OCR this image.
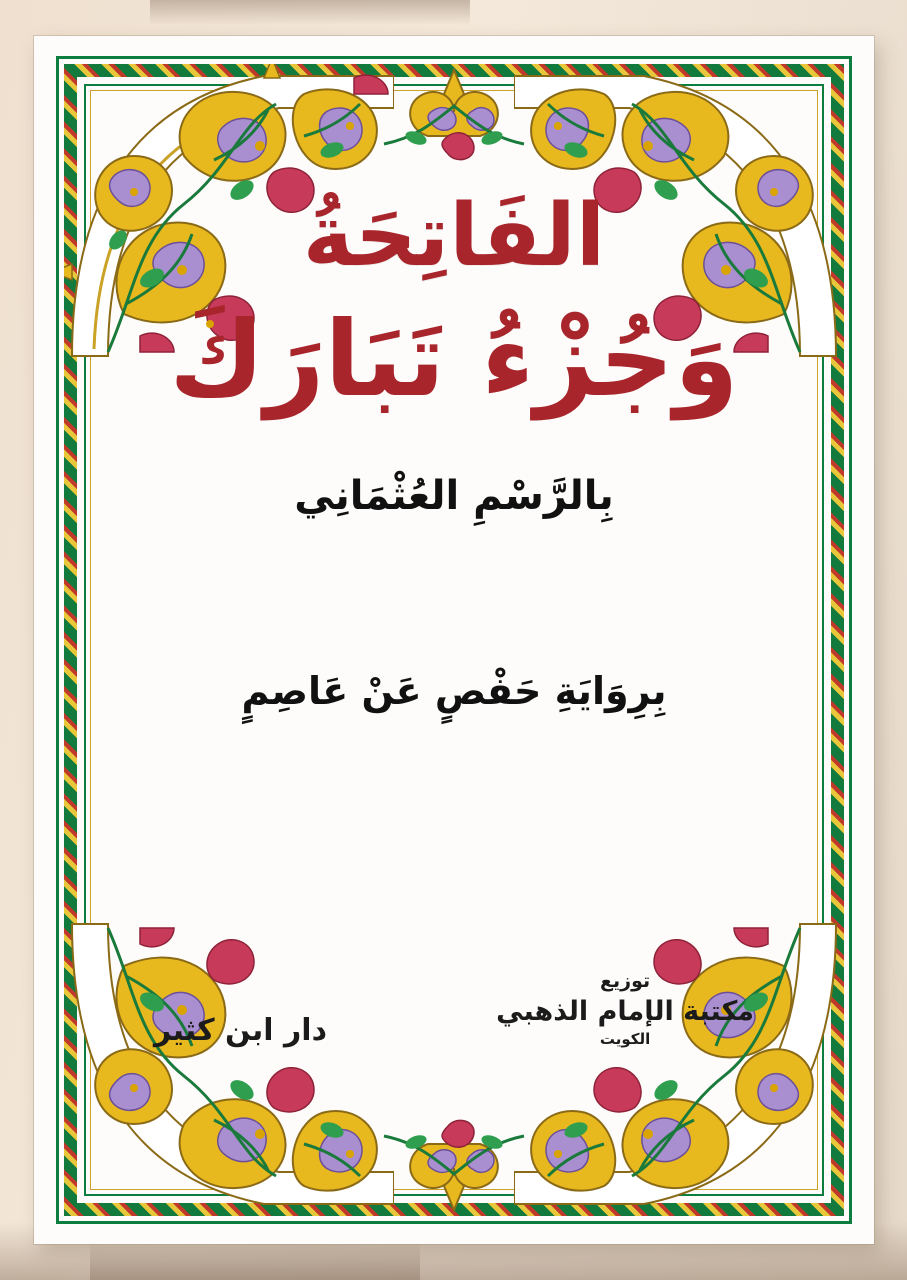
الفَاتِحَةُ
وَجُزْءُ تَبَارَكَ
بِالرَّسْمِ العُثْمَانِي
بِرِوَايَةِ حَفْصٍ عَنْ عَاصِمٍ
دار ابن كثير
توزيع
مكتبة الإمام الذهبي
الكويت
